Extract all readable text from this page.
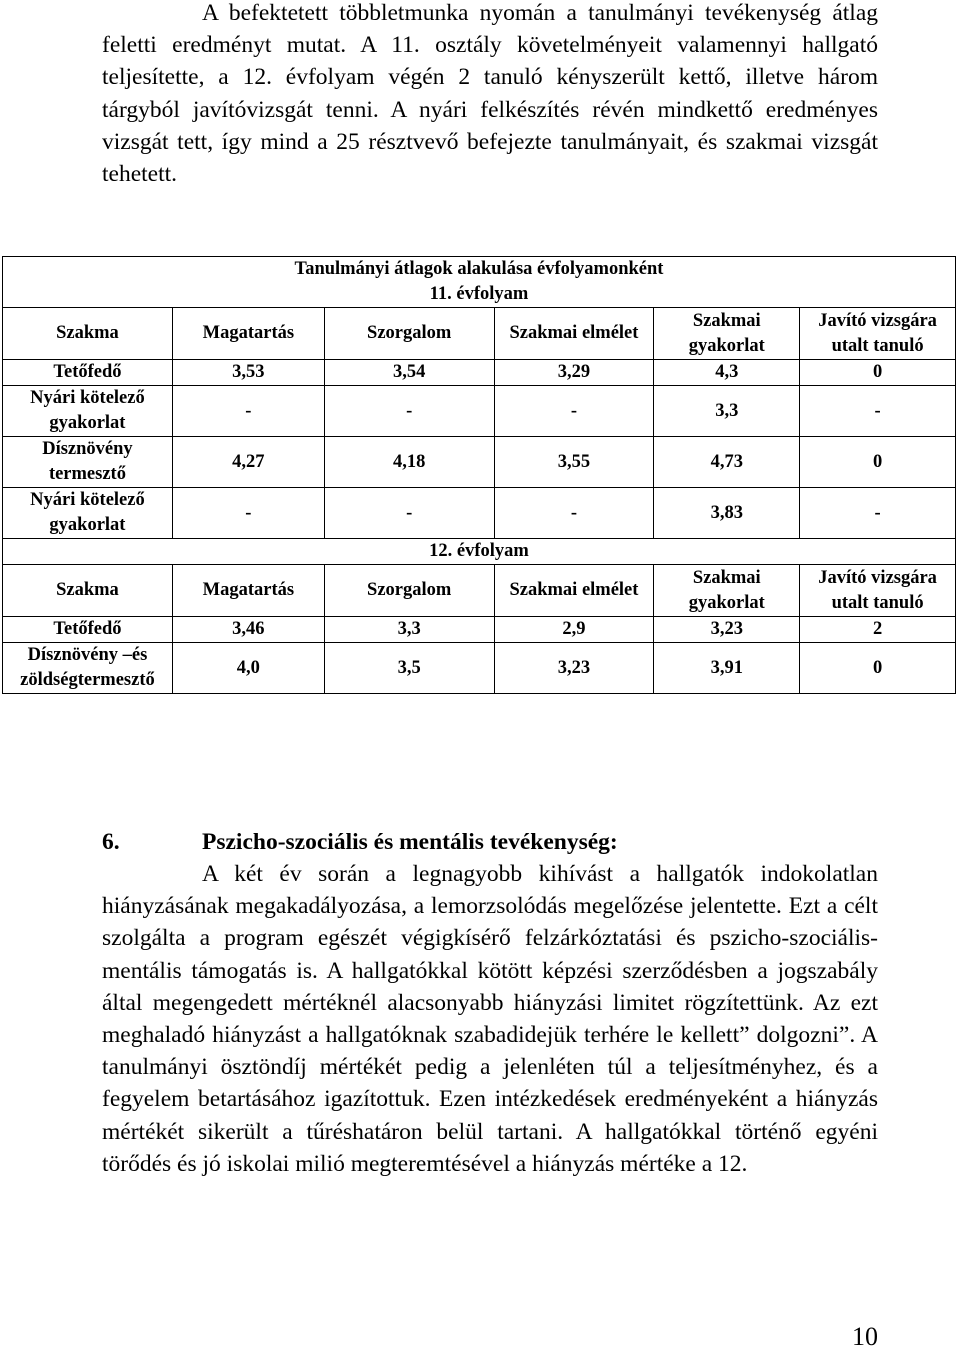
A befektetett többletmunka nyomán a tanulmányi tevékenység átlag feletti eredményt mutat. A 11. osztály követelményeit valamennyi hallgató teljesítette, a 12. évfolyam végén 2 tanuló kényszerült kettő, illetve három tárgyból javítóvizsgát tenni. A nyári felkészítés révén mindkettő eredményes vizsgát tett, így mind a 25 résztvevő befejezte tanulmányait, és szakmai vizsgát tehetett.

Tanulmányi átlagok alakulása évfolyamonként					
11. évfolyam					
Szakma	Magatartás	Szorgalom	Szakmai elmélet	Szakmai gyakorlat	Javító vizsgára utalt tanuló
Tetőfedő	3,53	3,54	3,29	4,3	0
Nyári kötelező gyakorlat	-	-	-	3,3	-
Dísznövény termesztő	4,27	4,18	3,55	4,73	0
Nyári kötelező gyakorlat	-	-	-	3,83	-
12. évfolyam					
Szakma	Magatartás	Szorgalom	Szakmai elmélet	Szakmai gyakorlat	Javító vizsgára utalt tanuló
Tetőfedő	3,46	3,3	2,9	3,23	2
Dísznövény –és zöldségtermesztő	4,0	3,5	3,23	3,91	0

6.	Pszicho-szociális és mentális tevékenység:

A két év során a legnagyobb kihívást a hallgatók indokolatlan hiányzásának megakadályozása, a lemorzsolódás megelőzése jelentette. Ezt a célt szolgálta a program egészét végigkísérő felzárkóztatási és pszicho-szociális-mentális támogatás is. A hallgatókkal kötött képzési szerződésben a jogszabály által megengedett mértéknél alacsonyabb hiányzási limitet rögzítettünk. Az ezt meghaladó hiányzást a hallgatóknak szabadidejük terhére le kellett” dolgozni”. A tanulmányi ösztöndíj mértékét pedig a jelenléten túl a teljesítményhez, és a fegyelem betartásához igazítottuk. Ezen intézkedések eredményeként a hiányzás mértékét sikerült a tűréshatáron belül tartani. A hallgatókkal történő egyéni törődés és jó iskolai milió megteremtésével a hiányzás mértéke a 12.

10
